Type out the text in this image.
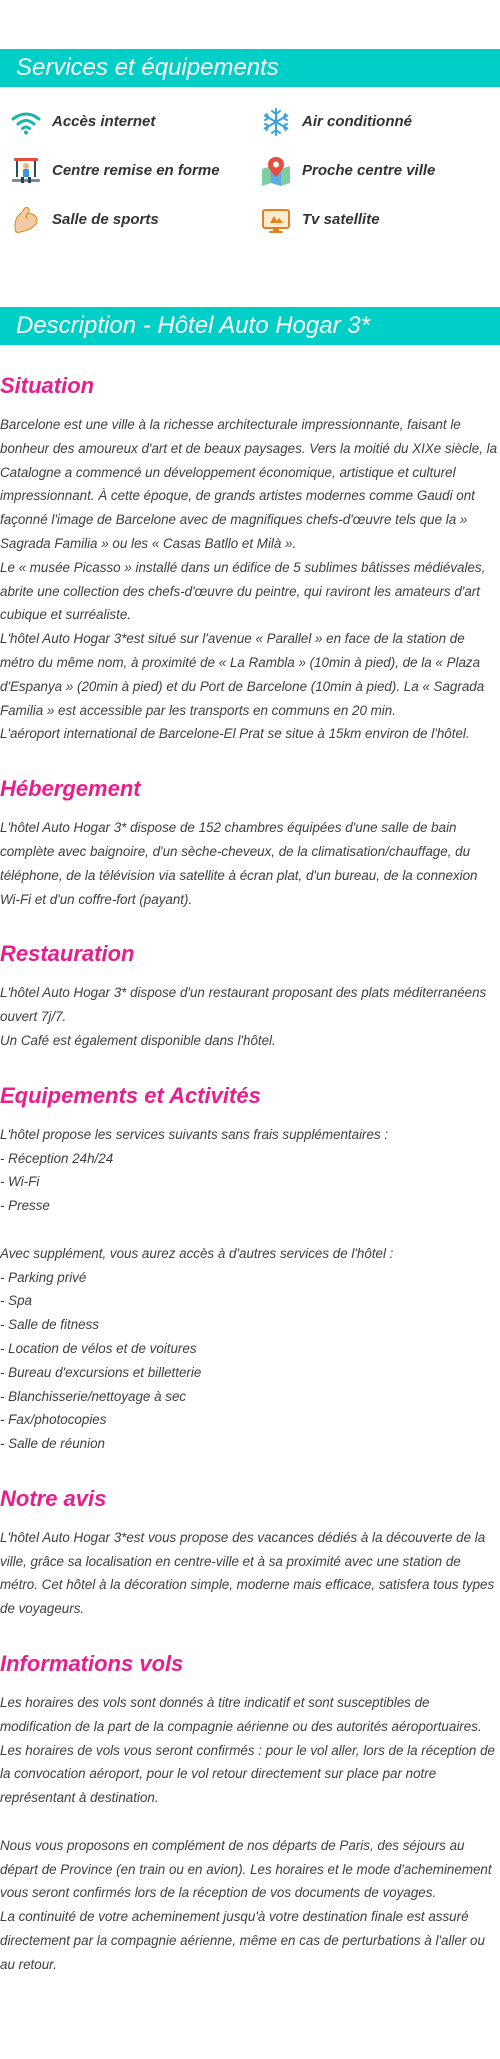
Services et équipements
Accès internet	Air conditionné
Centre remise en forme	Proche centre ville
Salle de sports	Tv satellite
Description - Hôtel Auto Hogar 3*
Situation

Barcelone est une ville à la richesse architecturale impressionnante, faisant le bonheur des amoureux d'art et de beaux paysages. Vers la moitié du XIXe siècle, la Catalogne a commencé un développement économique, artistique et culturel impressionnant. À cette époque, de grands artistes modernes comme Gaudi ont façonné l'image de Barcelone avec de magnifiques chefs-d'œuvre tels que la » Sagrada Familia » ou les « Casas Batllo et Milà ».
Le « musée Picasso » installé dans un édifice de 5 sublimes bâtisses médiévales, abrite une collection des chefs-d'œuvre du peintre, qui raviront les amateurs d'art cubique et surréaliste.
L'hôtel Auto Hogar 3*est situé sur l'avenue « Parallel » en face de la station de métro du même nom, à proximité de « La Rambla » (10min à pied), de la « Plaza d'Espanya » (20min à pied) et du Port de Barcelone (10min à pied). La « Sagrada Familia » est accessible par les transports en communs en 20 min.
L'aéroport international de Barcelone-El Prat se situe à 15km environ de l'hôtel.

Hébergement

L'hôtel Auto Hogar 3* dispose de 152 chambres équipées d'une salle de bain complète avec baignoire, d'un sèche-cheveux, de la climatisation/chauffage, du téléphone, de la télévision via satellite à écran plat, d'un bureau, de la connexion Wi-Fi et d'un coffre-fort (payant).

Restauration

L'hôtel Auto Hogar 3* dispose d'un restaurant proposant des plats méditerranéens ouvert 7j/7.
Un Café est également disponible dans l'hôtel.

Equipements et Activités

L'hôtel propose les services suivants sans frais supplémentaires :
- Réception 24h/24
- Wi-Fi
- Presse

Avec supplément, vous aurez accès à d'autres services de l'hôtel :
- Parking privé
- Spa
- Salle de fitness
- Location de vélos et de voitures
- Bureau d'excursions et billetterie
- Blanchisserie/nettoyage à sec
- Fax/photocopies
- Salle de réunion

Notre avis

L'hôtel Auto Hogar 3*est vous propose des vacances dédiés à la découverte de la ville, grâce sa localisation en centre-ville et à sa proximité avec une station de métro. Cet hôtel à la décoration simple, moderne mais efficace, satisfera tous types de voyageurs.

Informations vols

Les horaires des vols sont donnés à titre indicatif et sont susceptibles de modification de la part de la compagnie aérienne ou des autorités aéroportuaires.
Les horaires de vols vous seront confirmés : pour le vol aller, lors de la réception de la convocation aéroport, pour le vol retour directement sur place par notre représentant à destination.

Nous vous proposons en complément de nos départs de Paris, des séjours au départ de Province (en train ou en avion). Les horaires et le mode d'acheminement vous seront confirmés lors de la réception de vos documents de voyages.
La continuité de votre acheminement jusqu'à votre destination finale est assuré directement par la compagnie aérienne, même en cas de perturbations à l'aller ou au retour.
